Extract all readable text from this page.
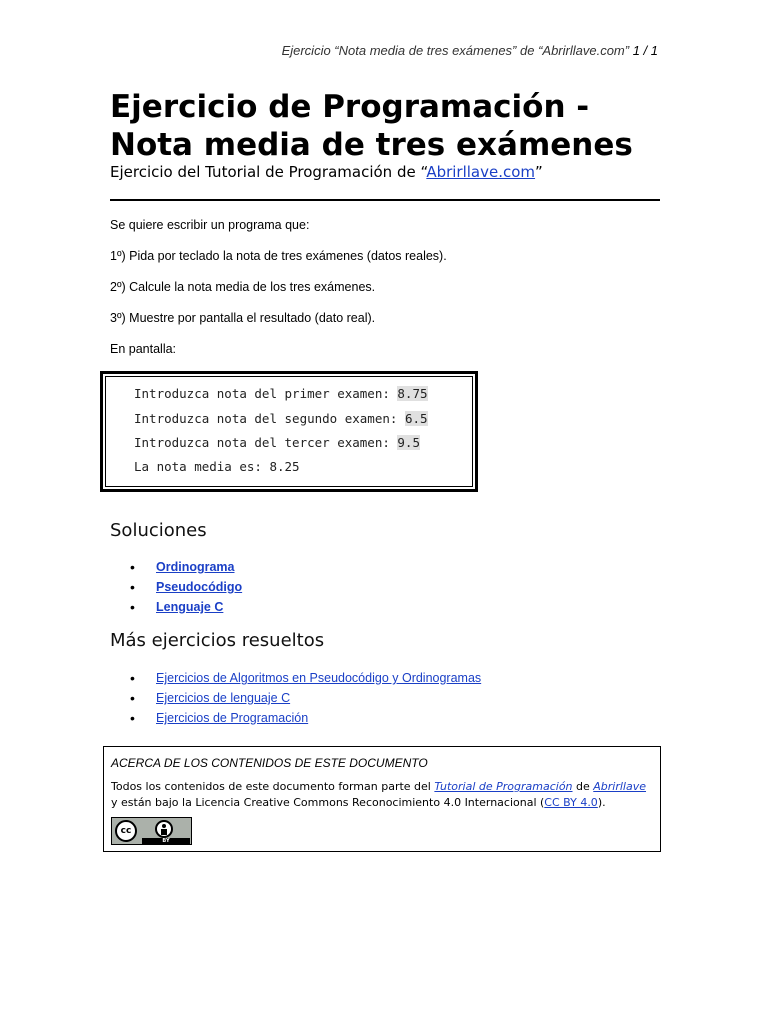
Ejercicio “Nota media de tres exámenes” de “Abrirllave.com” 1 / 1
Ejercicio de Programación -
Nota media de tres exámenes
Ejercicio del Tutorial de Programación de “Abrirllave.com”
Se quiere escribir un programa que:
1º) Pida por teclado la nota de tres exámenes (datos reales).
2º) Calcule la nota media de los tres exámenes.
3º) Muestre por pantalla el resultado (dato real).
En pantalla:
Introduzca nota del primer examen: 8.75
Introduzca nota del segundo examen: 6.5
Introduzca nota del tercer examen: 9.5
La nota media es: 8.25
Soluciones
• Ordinograma
• Pseudocódigo
• Lenguaje C
Más ejercicios resueltos
• Ejercicios de Algoritmos en Pseudocódigo y Ordinogramas
• Ejercicios de lenguaje C
• Ejercicios de Programación
ACERCA DE LOS CONTENIDOS DE ESTE DOCUMENTO
Todos los contenidos de este documento forman parte del Tutorial de Programación de Abrirllave
y están bajo la Licencia Creative Commons Reconocimiento 4.0 Internacional (CC BY 4.0).
cc
BY
